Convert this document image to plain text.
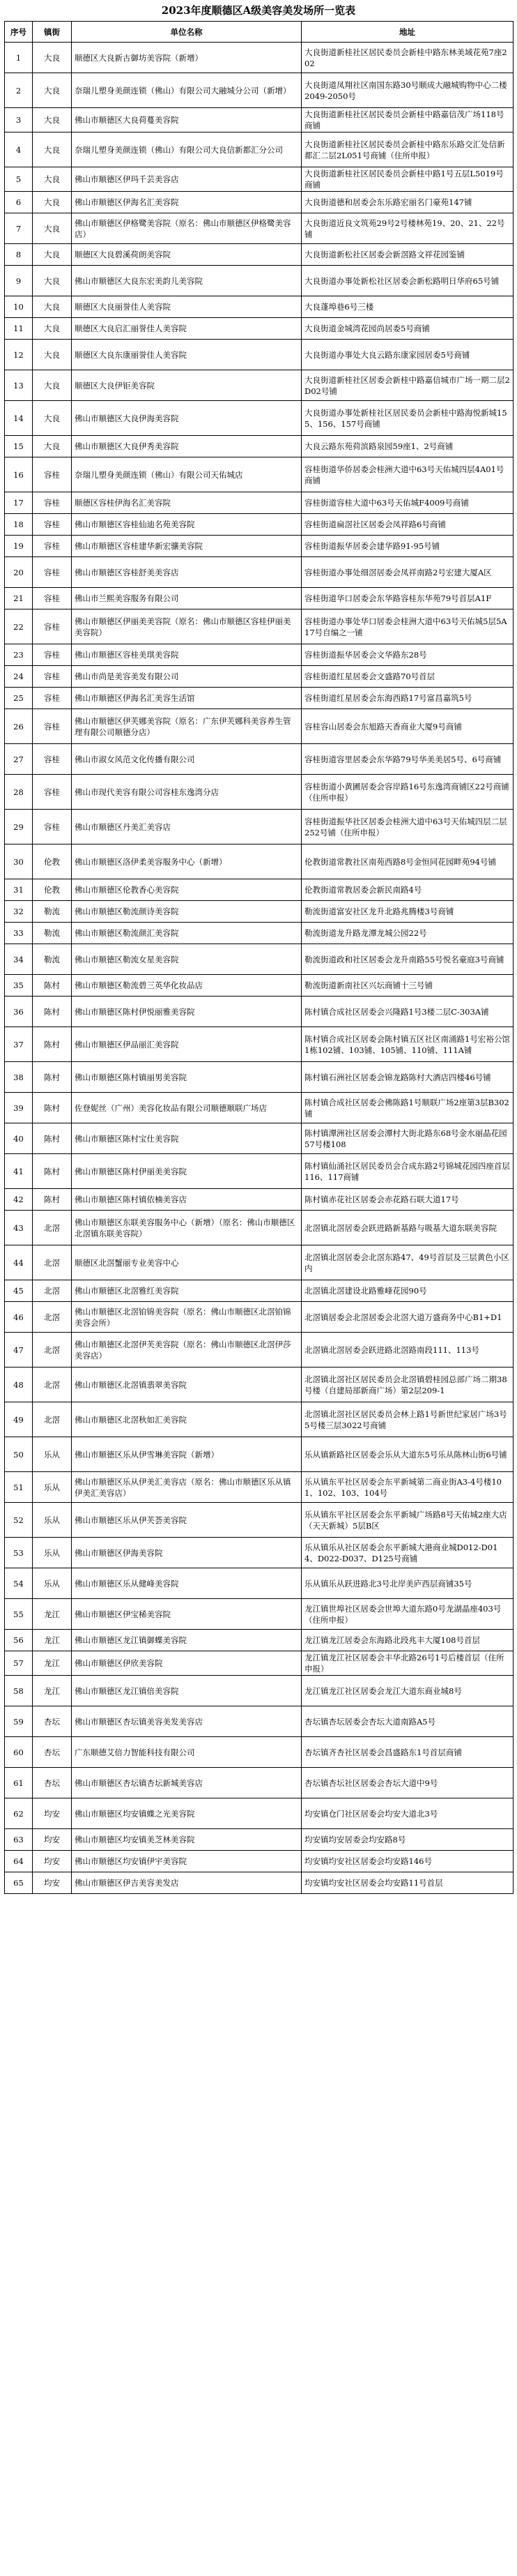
2023年度顺德区A级美容美发场所一览表
序号	镇街	单位名称	地址
1	大良	顺德区大良新古御坊美容院（新增）	大良街道新桂社区居民委员会新桂中路东林美域花苑7座202
2	大良	奈瑞儿塑身美颜连锁（佛山）有限公司大融城分公司（新增）	大良街道凤翔社区南国东路30号顺成大融城购物中心二楼2049-2050号
3	大良	佛山市顺德区大良荷蔓美容院	大良街道新桂社区居民委员会新桂中路嘉信茂广场118号商铺
4	大良	奈瑞儿塑身美颜连锁（佛山）有限公司大良信新都汇分公司	大良街道新桂社区居民委员会新桂中路东乐路交汇处信新都汇二层2L051号商铺（住所申报）
5	大良	佛山市顺德区伊玛千芸美容店	大良街道新桂社区居民委员会新桂中路1号五层L5019号商铺
6	大良	佛山市顺德区伊海名汇美容院	大良街道德和居委会东乐路宏丽名门豪苑147铺
7	大良	佛山市顺德区伊格鹭美容院（原名：佛山市顺德区伊格鹭美容店）	大良街道近良文筑苑29号2号楼林苑19、20、21、22号铺
8	大良	顺德区大良碧溪荷朗美容院	大良街道新松社区居委会新滘路文祥花园鉴铺
9	大良	佛山市顺德区大良东宏美韵儿美容院	大良街道办事处新松社区居委会新松路明日华府65号铺
10	大良	顺德区大良丽誉佳人美容院	大良蓬埠巷6号三楼
11	大良	顺德区大良启汇丽誉佳人美容院	大良街道金城湾花园尚居委5号商铺
12	大良	顺德区大良东康丽誉佳人美容院	大良街道办事处大良云路东康家园居委5号商铺
13	大良	顺德区大良伊钜美容院	大良街道新桂社区居委会新桂中路嘉信城市广场一期二层2D02号铺
14	大良	佛山市顺德区大良伊海美容院	大良街道办事处新桂社区居民委员会新桂中路海悦新城155、156、157号商铺
15	大良	佛山市顺德区大良伊秀美容院	大良云路东苑荷滨路泉园59座1、2号商铺
16	容桂	奈瑞儿塑身美颜连锁（佛山）有限公司天佑城店	容桂街道华侨居委会桂洲大道中63号天佑城四层4A01号商铺
17	容桂	顺德区容桂伊海名汇美容院	容桂街道容桂大道中63号天佑城F4009号商铺
18	容桂	佛山市顺德区容桂仙迪名苑美容院	容桂街道扁滘社区居委会凤祥路6号商铺
19	容桂	佛山市顺德区容桂建华新宏骧美容院	容桂街道振华居委会建华路91-95号铺
20	容桂	佛山市顺德区容桂舒美美容店	容桂街道办事处细滘居委会凤祥南路2号宏建大厦A区
21	容桂	佛山市兰熙美容服务有限公司	容桂街道华口居委会东华路容桂东华苑79号首层A1F
22	容桂	佛山市顺德区伊丽美美容院（原名：佛山市顺德区容桂伊丽美美容院）	容桂街道办事处华口居委会桂洲大道中63号天佑城5层5A17号自编之一铺
23	容桂	佛山市顺德区容桂美琪美容院	容桂街道振华居委会文华路东28号
24	容桂	佛山市尚是美容美发有限公司	容桂街道红星居委会文盛路70号首层
25	容桂	佛山市顺德区伊海名汇美容生活馆	容桂街道红星居委会东海西路17号富昌嘉筑5号
26	容桂	佛山市顺德区伊芙娜美容院（原名：广东伊芙娜科美容养生管理有限公司顺德分店）	容桂容山居委会东旭路天香商业大厦9号商铺
27	容桂	佛山市淑女风范文化传播有限公司	容桂街道容里居委会东华路79号华美美居5号、6号商铺
28	容桂	佛山市现代美容有限公司容桂东逸湾分店	容桂街道小黄圃居委会容岸路16号东逸湾商铺区22号商铺（住所申报）
29	容桂	佛山市顺德区丹美汇美容店	容桂街道振华社区居委会桂洲大道中63号天佑城四层二层252号铺（住所申报）
30	伦教	佛山市顺德区洛伊柔美容服务中心（新增）	伦教街道常教社区南苑西路8号金恒同花园畔苑94号铺
31	伦教	佛山市顺德区伦教香心美容院	伦教街道常教居委会新民南路4号
32	勒流	佛山市顺德区勒流颜诗美容院	勒流街道富安社区龙升北路兆腾楼3号商铺
33	勒流	佛山市顺德区勒流颜汇美容院	勒流街道龙升路龙潭龙城公园22号
34	勒流	佛山市顺德区勒流女星美容院	勒流街道政和社区居委会龙升南路55号悦名豪庭3号商铺
35	陈村	佛山市顺德区勒流碧三英华化妆品店	勒流街道新南社区兴坛商铺十三号铺
36	陈村	佛山市顺德区陈村伊悦丽雅美容院	陈村镇合成社区居委会兴隆路1号3楼二层C-303A铺
37	陈村	佛山市顺德区伊品丽汇美容院	陈村镇合成社区居委会陈村镇五区社区南涌路1号宏裕公馆1栋102铺、103铺、105铺、110铺、111A铺
38	陈村	佛山市顺德区陈村镇丽男美容院	陈村镇石洲社区居委会锦龙路陈村大酒店四楼46号铺
39	陈村	佐登妮丝（广州）美容化妆品有限公司顺德顺联广场店	陈村镇合成社区居委会佛陈路1号顺联广场2座第3层B302铺
40	陈村	佛山市顺德区陈村宝仕美容院	陈村镇潭洲社区居委会潭村大街北路东68号金水丽晶花园57号楼108
41	陈村	佛山市顺德区陈村伊丽美美容院	陈村镇仙涌社区居民委员会合成东路2号锦城花园四座首层116、117商铺
42	陈村	佛山市顺德区陈村镇依楠美容店	陈村镇赤花社区居委会赤花路石联大道17号
43	北滘	佛山市顺德区东联美容服务中心（新增）（原名：佛山市顺德区北滘镇东联美容院）	北滘镇北滘居委会跃进路新基路与吸基大道东联美容院
44	北滘	顺德区北滘蟹丽专业美容中心	北滘镇北滘居委会北滘东路47、49号首层及三层黄色小区内
45	北滘	佛山市顺德区北滘雅红美容院	北滘镇北滘建设北路雅峰花园90号
46	北滘	佛山市顺德区北滘铂锦美容院（原名：佛山市顺德区北滘铂锦美容会所）	北滘镇居委会北滘居委会北滘大道万盛商务中心B1+D1
47	北滘	佛山市顺德区北滘伊芙美容院（原名：佛山市顺德区北滘伊莎美容店）	北滘镇北滘居委会跃进路北滘路南段111、113号
48	北滘	佛山市顺德区北滘镇翡翠美容院	北滘镇北滘社区居民委员会北滘镇碧桂园总部广场二期38号楼（自建局部新商广场）第2层209-1
49	北滘	佛山市顺德区北滘秋如汇美容院	北滘镇北滘社区居民委员会林上路1号新世纪家居广场3号5号楼三层3022号商铺
50	乐从	佛山市顺德区乐从伊雪琳美容院（新增）	乐从镇新路社区居委会乐从大道东5号乐从陈林山街6号铺
51	乐从	佛山市顺德区乐从伊美汇美容店（原名：佛山市顺德区乐从镇伊美汇美容店）	乐从镇东平社区居委会东平新城第二商业街A3-4号楼101、102、103、104号
52	乐从	佛山市顺德区乐从伊芙荟美容院	乐从镇东平社区居委会东平新城广场路8号天佑城2座大店（天天新城）5层B区
53	乐从	佛山市顺德区伊海美容院	乐从镇乐从社区居委会东平新城大港商业城D012-D014、D022-D037、D125号商铺
54	乐从	佛山市顺德区乐从健峰美容院	乐从镇乐从跃进路北3号北岸美庐西层商铺35号
55	龙江	佛山市顺德区伊宝稀美容院	龙江镇世埠社区居委会世埠大道东路0号龙湖晶座403号（住所申报）
56	龙江	佛山市顺德区龙江镇御蝶美容院	龙江镇龙江居委会东海路北段兆丰大厦108号首层
57	龙江	佛山市顺德区伊欣美容院	龙江镇龙江社区居委会丰华北路26号1号后楼首层（住所申报）
58	龙江	佛山市顺德区龙江镇倍美容院	龙江镇龙江社区居委会龙江大道东商业城8号
59	杏坛	佛山市顺德区杏坛镇美容美发美容店	杏坛镇杏坛居委会杏坛大道南路A5号
60	杏坛	广东顺德艾倍力智能科技有限公司	杏坛镇齐杏社区居委会昌盛路东1号首层商铺
61	杏坛	佛山市顺德区杏坛镇杏坛新城美容店	杏坛镇杏坛社区居委会杏坛大道中9号
62	均安	佛山市顺德区均安镇蝶之光美容院	均安镇仓门社区居委会均安大道北3号
63	均安	佛山市顺德区均安镇美芝林美容院	均安镇均安居委会均安路8号
64	均安	佛山市顺德区均安镇伊宇美容院	均安镇均安社区居委会均安路146号
65	均安	佛山市顺德区伊吉美容美发店	均安镇均安社区居委会均安路11号首层
